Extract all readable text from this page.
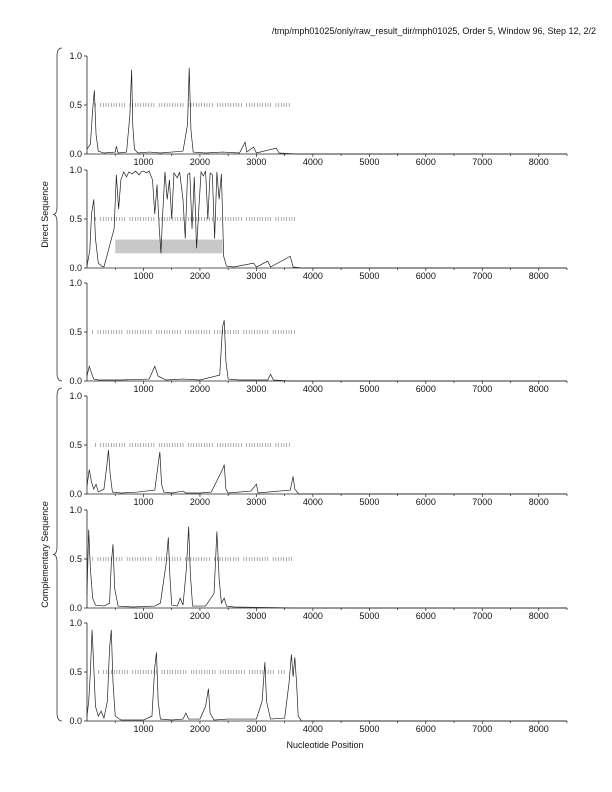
/tmp/mph01025/only/raw_result_dir/mph01025, Order 5, Window 96, Step 12, 2/2
0.0
0.5
1.0
1000	2000	3000	4000	5000	6000	7000	8000
0.0
0.5
1.0
1000	2000	3000	4000	5000	6000	7000	8000
0.0
0.5
1.0
1000	2000	3000	4000	5000	6000	7000	8000
0.0
0.5
1.0
1000	2000	3000	4000	5000	6000	7000	8000
0.0
0.5
1.0
1000	2000	3000	4000	5000	6000	7000	8000
0.0
0.5
1.0
1000	2000	3000	4000	5000	6000	7000	8000
Direct Sequence
Complementary Sequence
Nucleotide Position
